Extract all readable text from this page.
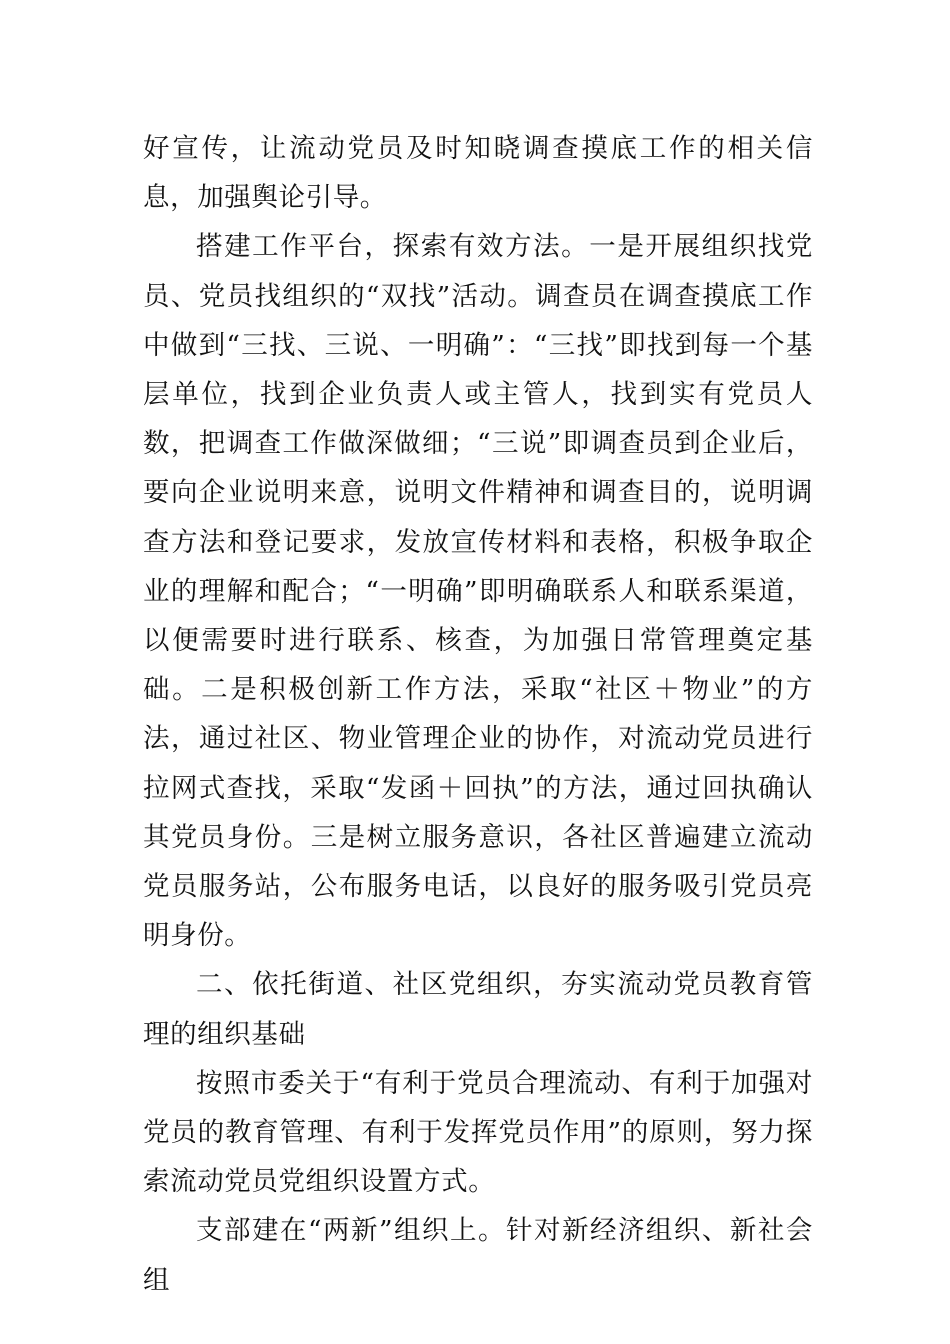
好宣传，让流动党员及时知晓调查摸底工作的相关信息，加强舆论引导。

搭建工作平台，探索有效方法。一是开展组织找党员、党员找组织的“双找”活动。调查员在调查摸底工作中做到“三找、三说、一明确”：“三找”即找到每一个基层单位，找到企业负责人或主管人，找到实有党员人数，把调查工作做深做细；“三说”即调查员到企业后，要向企业说明来意，说明文件精神和调查目的，说明调查方法和登记要求，发放宣传材料和表格，积极争取企业的理解和配合；“一明确”即明确联系人和联系渠道，以便需要时进行联系、核查，为加强日常管理奠定基础。二是积极创新工作方法，采取“社区＋物业”的方法，通过社区、物业管理企业的协作，对流动党员进行拉网式查找，采取“发函＋回执”的方法，通过回执确认其党员身份。三是树立服务意识，各社区普遍建立流动党员服务站，公布服务电话，以良好的服务吸引党员亮明身份。

二、依托街道、社区党组织，夯实流动党员教育管理的组织基础

按照市委关于“有利于党员合理流动、有利于加强对党员的教育管理、有利于发挥党员作用”的原则，努力探索流动党员党组织设置方式。

支部建在“两新”组织上。针对新经济组织、新社会组
